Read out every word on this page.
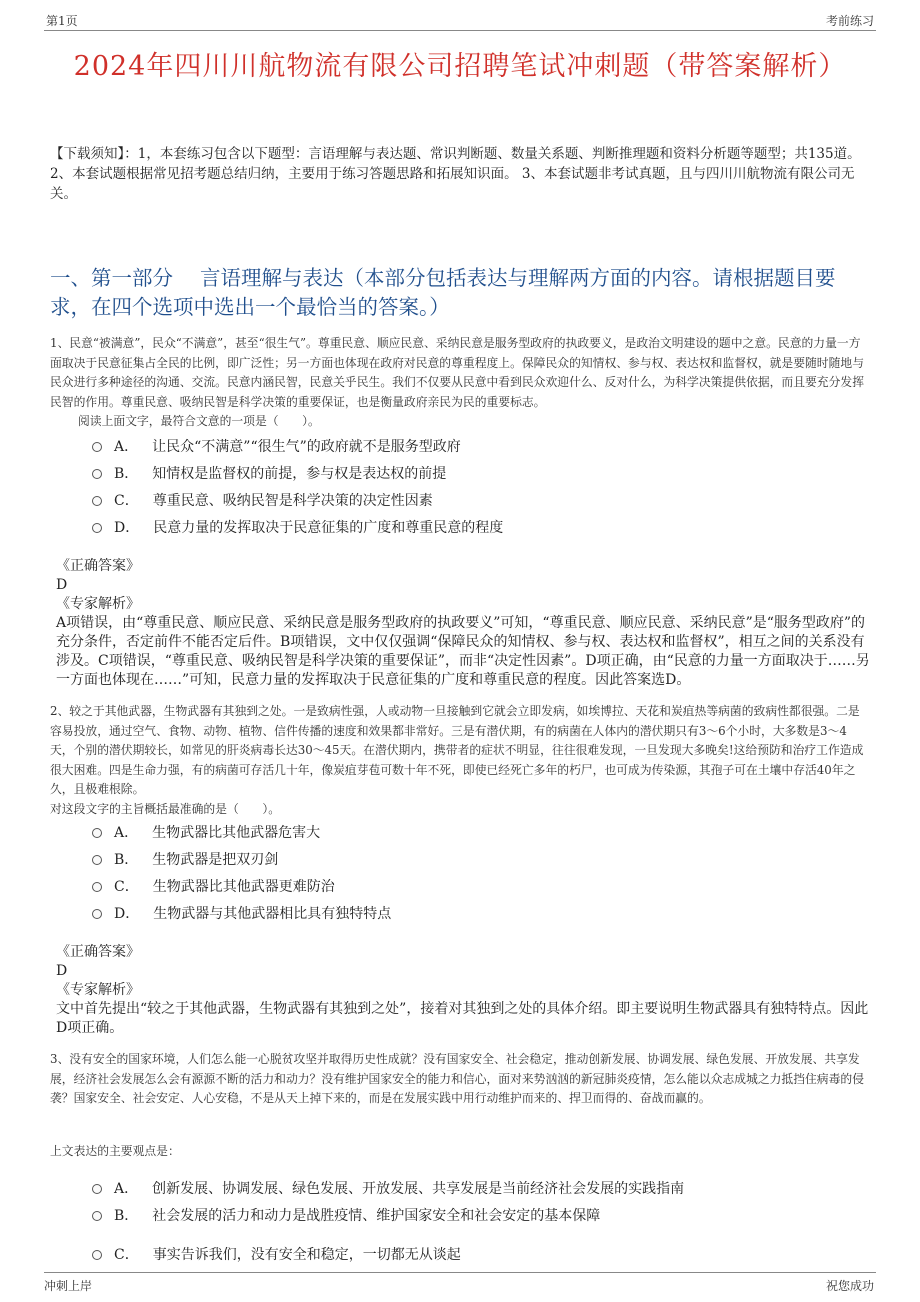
第1页	考前练习
2024年四川川航物流有限公司招聘笔试冲刺题（带答案解析）
【下载须知】：1，本套练习包含以下题型：言语理解与表达题、常识判断题、数量关系题、判断推理题和资料分析题等题型；共135道。 2、本套试题根据常见招考题总结归纳，主要用于练习答题思路和拓展知识面。 3、本套试题非考试真题，且与四川川航物流有限公司无关。
一、第一部分　 言语理解与表达（本部分包括表达与理解两方面的内容。请根据题目要求，在四个选项中选出一个最恰当的答案。）
1、民意“被满意”，民众“不满意”，甚至“很生气”。尊重民意、顺应民意、采纳民意是服务型政府的执政要义，是政治文明建设的题中之意。民意的力量一方面取决于民意征集占全民的比例，即广泛性；另一方面也体现在政府对民意的尊重程度上。保障民众的知情权、参与权、表达权和监督权，就是要随时随地与民众进行多种途径的沟通、交流。民意内涵民智，民意关乎民生。我们不仅要从民意中看到民众欢迎什么、反对什么，为科学决策提供依据，而且要充分发挥民智的作用。尊重民意、吸纳民智是科学决策的重要保证，也是衡量政府亲民为民的重要标志。
阅读上面文字，最符合文意的一项是（　　）。
A． 让民众“不满意”“很生气”的政府就不是服务型政府
B． 知情权是监督权的前提，参与权是表达权的前提
C． 尊重民意、吸纳民智是科学决策的决定性因素
D． 民意力量的发挥取决于民意征集的广度和尊重民意的程度
《正确答案》
D
《专家解析》
A项错误，由“尊重民意、顺应民意、采纳民意是服务型政府的执政要义”可知，“尊重民意、顺应民意、采纳民意”是“服务型政府”的充分条件，否定前件不能否定后件。B项错误，文中仅仅强调“保障民众的知情权、参与权、表达权和监督权”，相互之间的关系没有涉及。C项错误，“尊重民意、吸纳民智是科学决策的重要保证”，而非“决定性因素”。D项正确，由“民意的力量一方面取决于……另一方面也体现在……”可知，民意力量的发挥取决于民意征集的广度和尊重民意的程度。因此答案选D。
2、较之于其他武器，生物武器有其独到之处。一是致病性强，人或动物一旦接触到它就会立即发病，如埃博拉、天花和炭疽热等病菌的致病性都很强。二是容易投放，通过空气、食物、动物、植物、信件传播的速度和效果都非常好。三是有潜伏期，有的病菌在人体内的潜伏期只有3～6个小时，大多数是3～4天，个别的潜伏期较长，如常见的肝炎病毒长达30～45天。在潜伏期内，携带者的症状不明显，往往很难发现，一旦发现大多晚矣!这给预防和治疗工作造成很大困难。四是生命力强，有的病菌可存活几十年，像炭疽芽苞可数十年不死，即使已经死亡多年的朽尸，也可成为传染源，其孢子可在土壤中存活40年之久，且极难根除。
对这段文字的主旨概括最准确的是（　　）。
A． 生物武器比其他武器危害大
B． 生物武器是把双刃剑
C． 生物武器比其他武器更难防治
D． 生物武器与其他武器相比具有独特特点
《正确答案》
D
《专家解析》
文中首先提出“较之于其他武器，生物武器有其独到之处”，接着对其独到之处的具体介绍。即主要说明生物武器具有独特特点。因此D项正确。
3、没有安全的国家环境，人们怎么能一心脱贫攻坚并取得历史性成就？没有国家安全、社会稳定，推动创新发展、协调发展、绿色发展、开放发展、共享发展，经济社会发展怎么会有源源不断的活力和动力？没有维护国家安全的能力和信心，面对来势汹汹的新冠肺炎疫情，怎么能以众志成城之力抵挡住病毒的侵袭？国家安全、社会安定、人心安稳，不是从天上掉下来的，而是在发展实践中用行动维护而来的、捍卫而得的、奋战而赢的。
上文表达的主要观点是：
A． 创新发展、协调发展、绿色发展、开放发展、共享发展是当前经济社会发展的实践指南
B． 社会发展的活力和动力是战胜疫情、维护国家安全和社会安定的基本保障
C． 事实告诉我们，没有安全和稳定，一切都无从谈起
冲刺上岸	祝您成功
